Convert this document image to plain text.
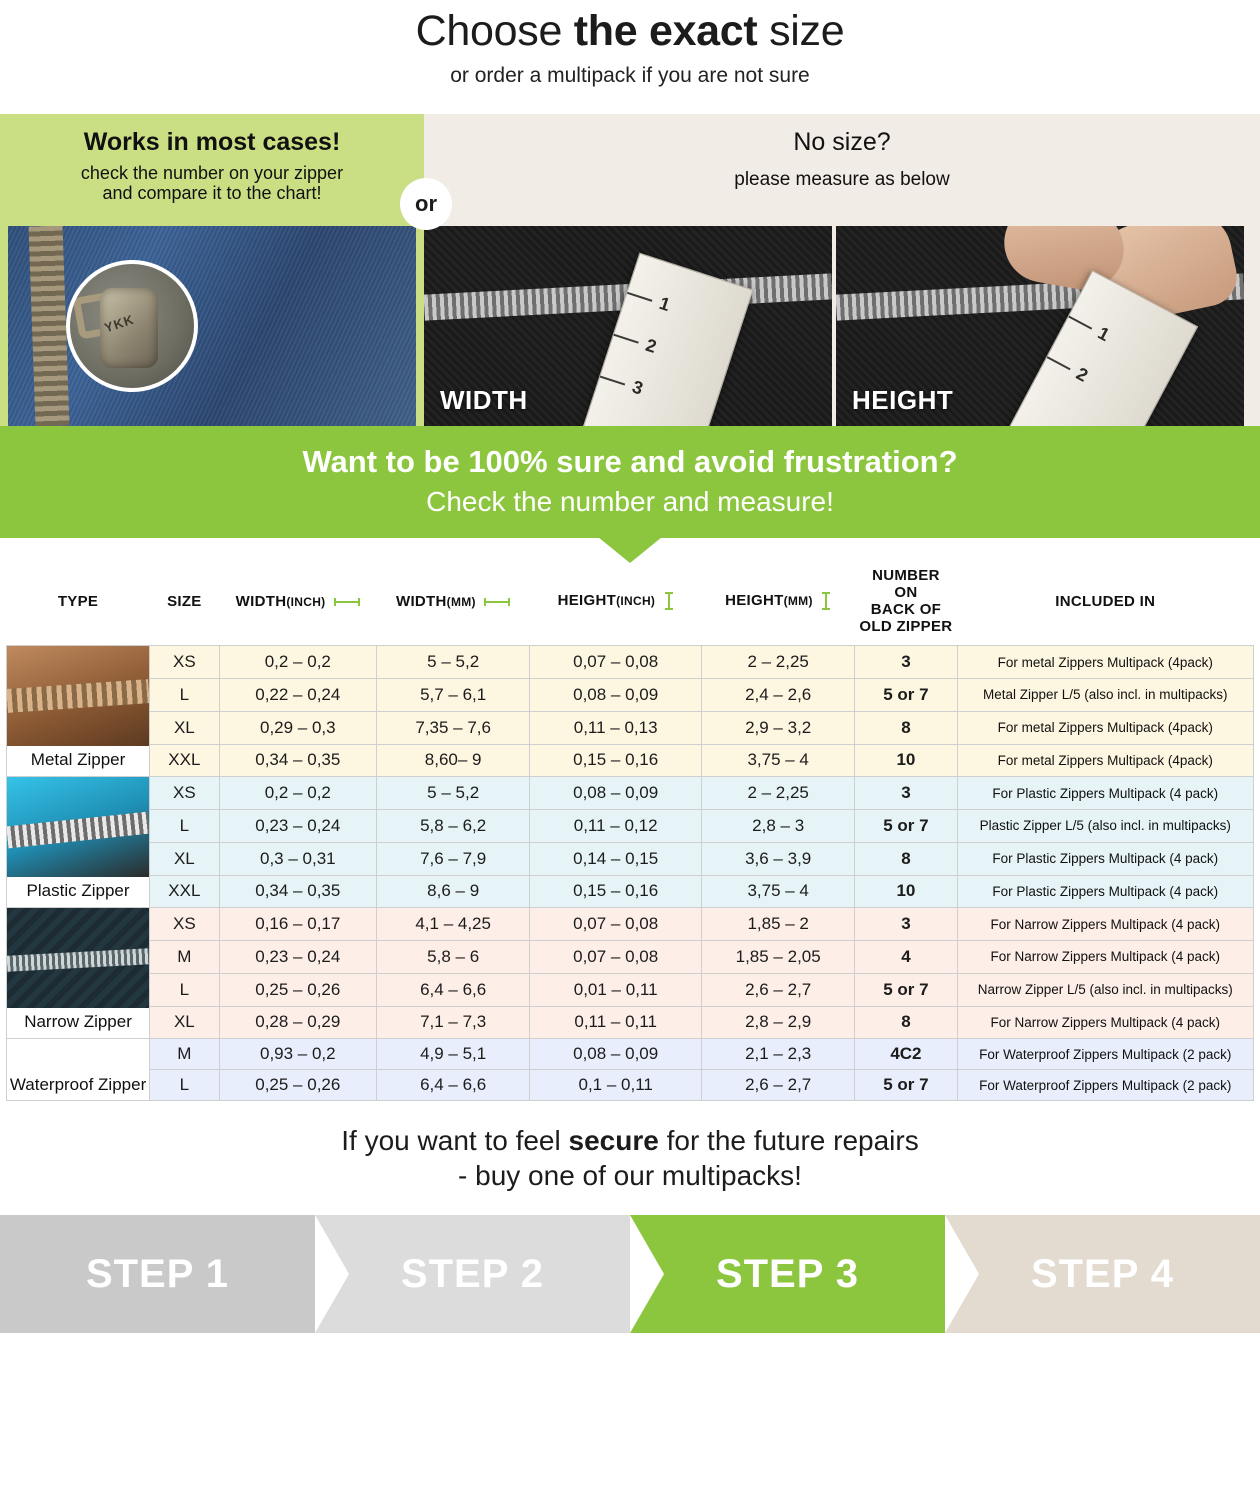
Choose the exact size
or order a multipack if you are not sure
Works in most cases!
check the number on your zipper
and compare it to the chart!
YKK
No size?
please measure as below
1
2
3
WIDTH
1
2
HEIGHT
or
Want to be 100% sure and avoid frustration?

Check the number and measure!

TYPE	SIZE	WIDTH(INCH)	WIDTH(MM)	HEIGHT(INCH)	HEIGHT(MM)	NUMBER ON
BACK OF
OLD ZIPPER	INCLUDED IN

Metal Zipper	XS	0,2 – 0,2	5 – 5,2	0,07 – 0,08	2 – 2,25	3	For metal Zippers Multipack (4pack)
	L	0,22 – 0,24	5,7 – 6,1	0,08 – 0,09	2,4 – 2,6	5 or 7	Metal Zipper L/5 (also incl. in multipacks)
	XL	0,29 – 0,3	7,35 – 7,6	0,11 – 0,13	2,9 – 3,2	8	For metal Zippers Multipack (4pack)
	XXL	0,34 – 0,35	8,60– 9	0,15 – 0,16	3,75 – 4	10	For metal Zippers Multipack (4pack)

Plastic Zipper	XS	0,2 – 0,2	5 – 5,2	0,08 – 0,09	2 – 2,25	3	For Plastic Zippers Multipack (4 pack)
	L	0,23 – 0,24	5,8 – 6,2	0,11 – 0,12	2,8 – 3	5 or 7	Plastic Zipper L/5 (also incl. in multipacks)
	XL	0,3 – 0,31	7,6 – 7,9	0,14 – 0,15	3,6 – 3,9	8	For Plastic Zippers Multipack (4 pack)
	XXL	0,34 – 0,35	8,6 – 9	0,15 – 0,16	3,75 – 4	10	For Plastic Zippers Multipack (4 pack)

Narrow Zipper	XS	0,16 – 0,17	4,1 – 4,25	0,07 – 0,08	1,85 – 2	3	For Narrow Zippers Multipack (4 pack)
	M	0,23 – 0,24	5,8 – 6	0,07 – 0,08	1,85 – 2,05	4	For Narrow Zippers Multipack (4 pack)
	L	0,25 – 0,26	6,4 – 6,6	0,01 – 0,11	2,6 – 2,7	5 or 7	Narrow Zipper L/5 (also incl. in multipacks)
	XL	0,28 – 0,29	7,1 – 7,3	0,11 – 0,11	2,8 – 2,9	8	For Narrow Zippers Multipack (4 pack)

Waterproof Zipper	M	0,93 – 0,2	4,9 – 5,1	0,08 – 0,09	2,1 – 2,3	4C2	For Waterproof Zippers Multipack (2 pack)
	L	0,25 – 0,26	6,4 – 6,6	0,1 – 0,11	2,6 – 2,7	5 or 7	For Waterproof Zippers Multipack (2 pack)
If you want to feel secure for the future repairs
- buy one of our multipacks!
STEP 1	STEP 2	STEP 3	STEP 4
